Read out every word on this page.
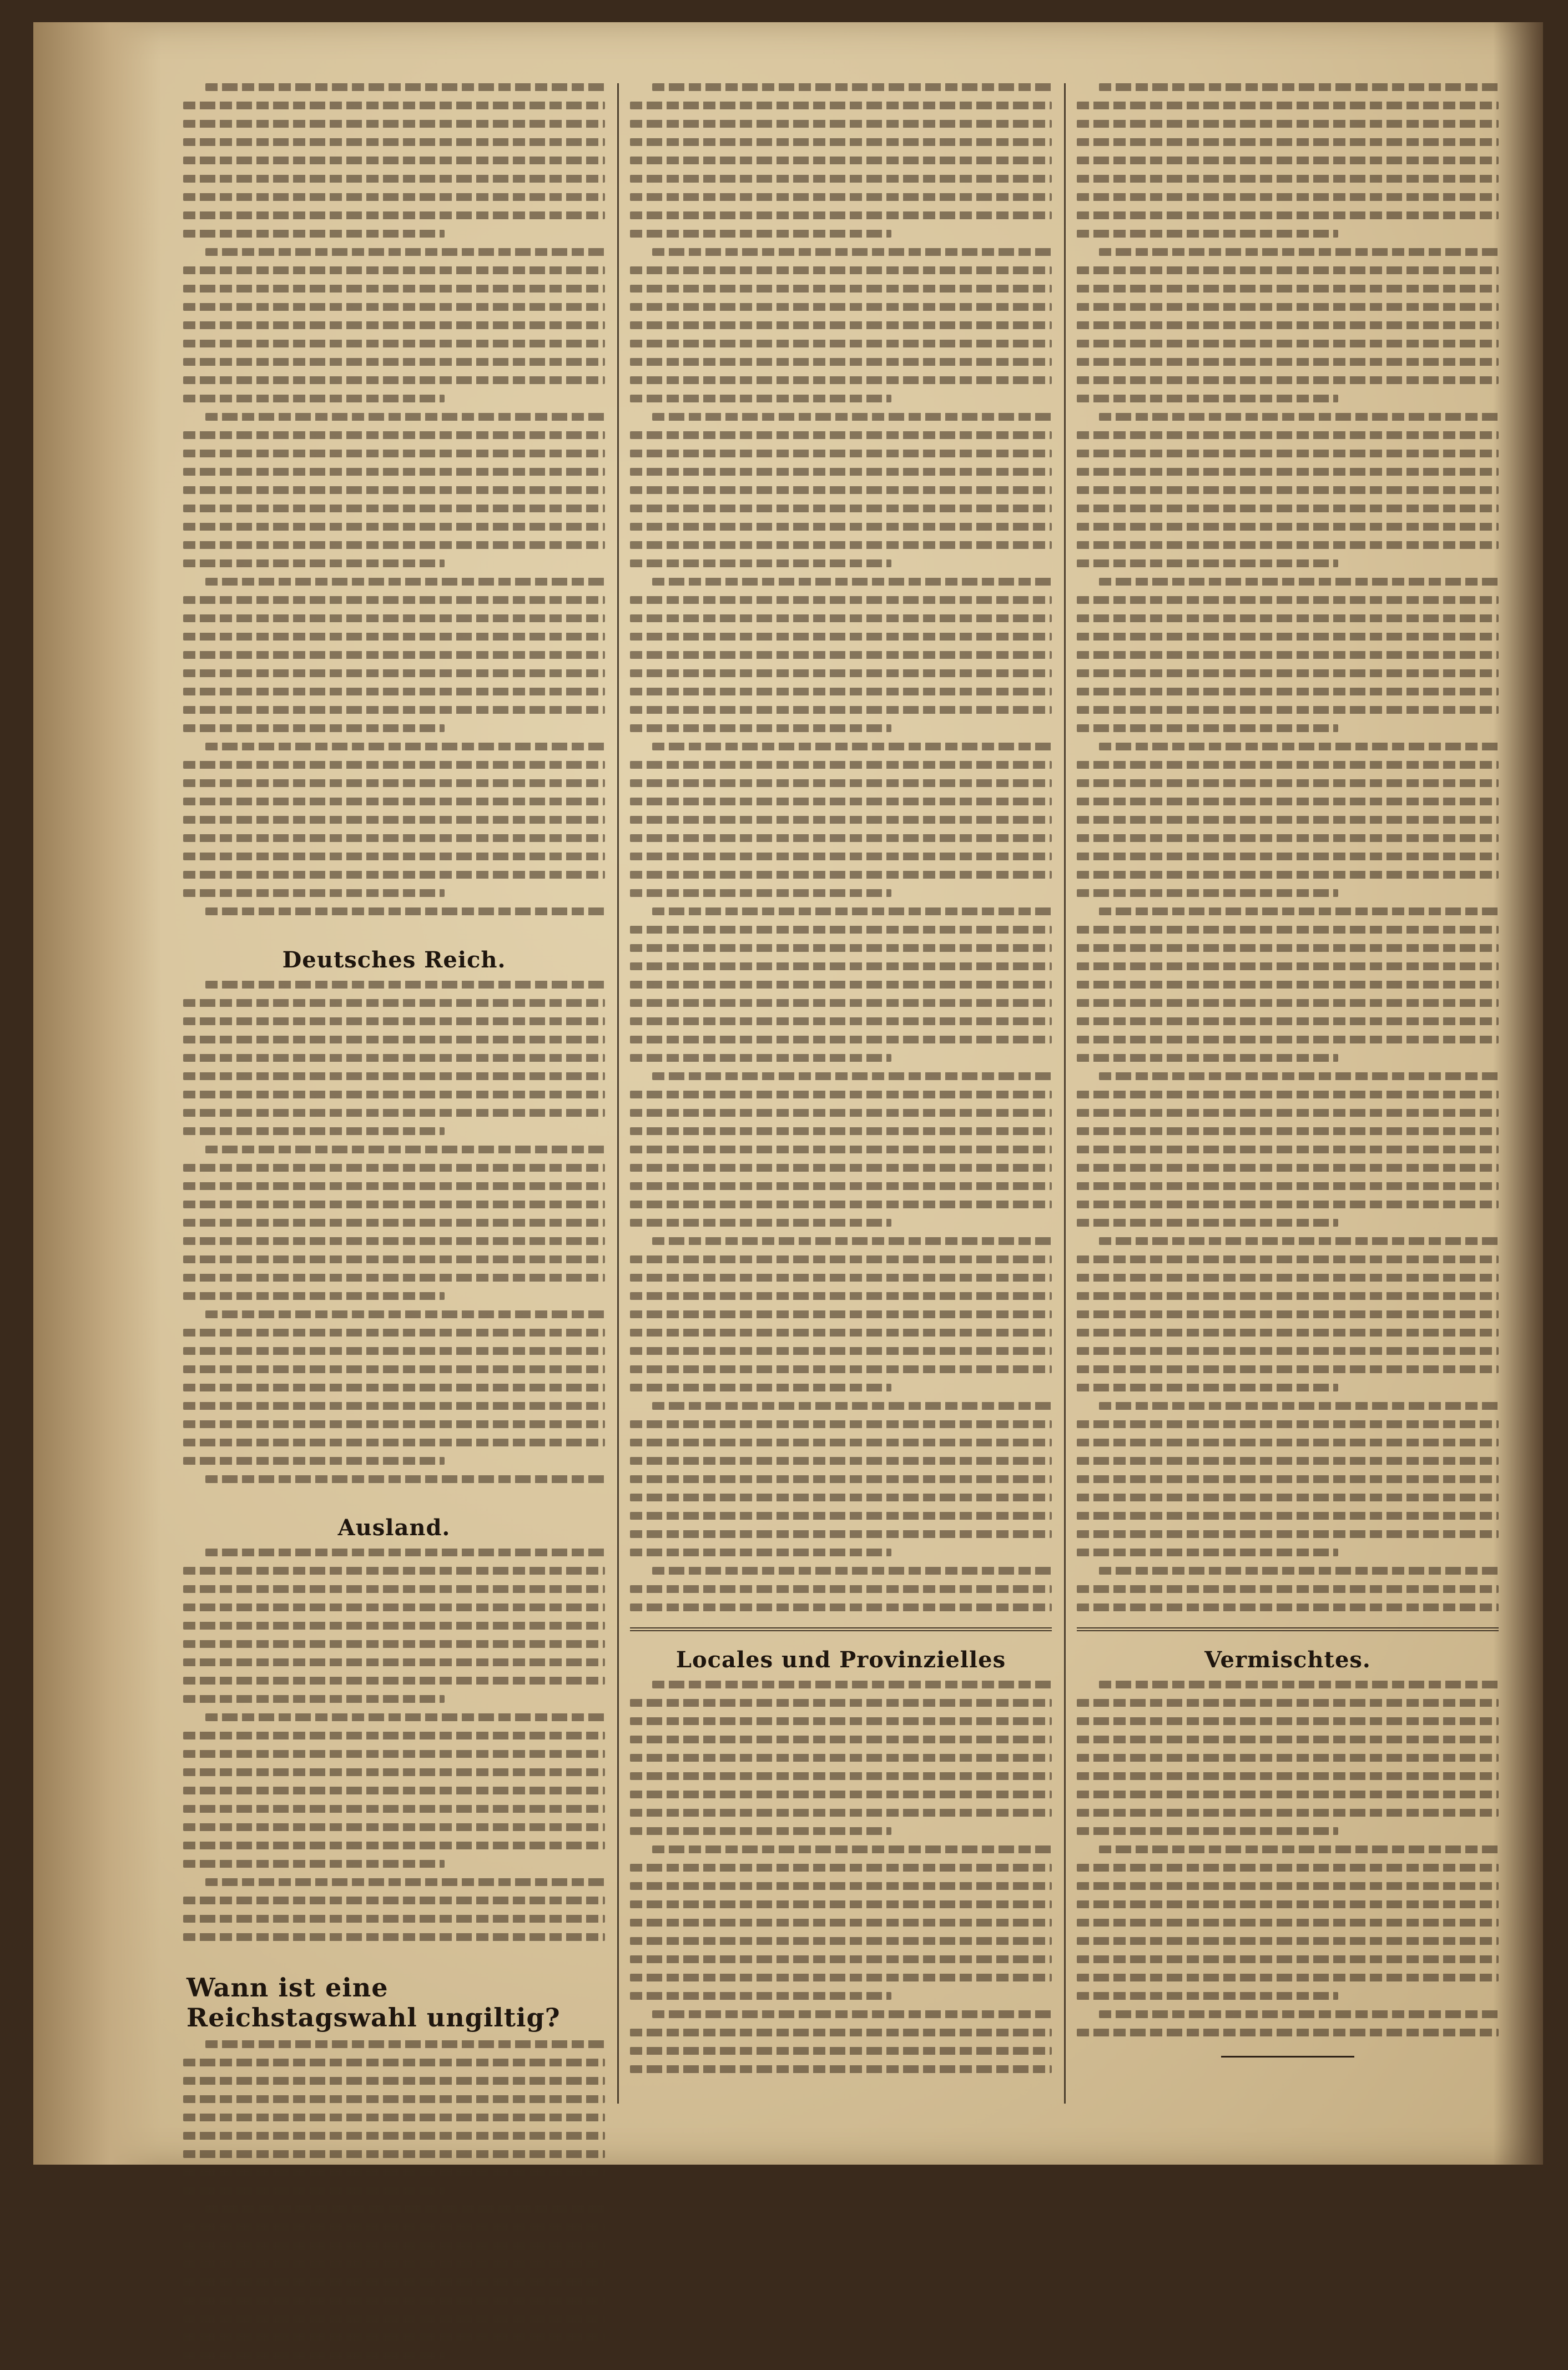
Deutsches Reich.
Ausland.
Wann ist eine Reichstagswahl ungiltig?
Locales und Provinzielles	Vermischtes.
